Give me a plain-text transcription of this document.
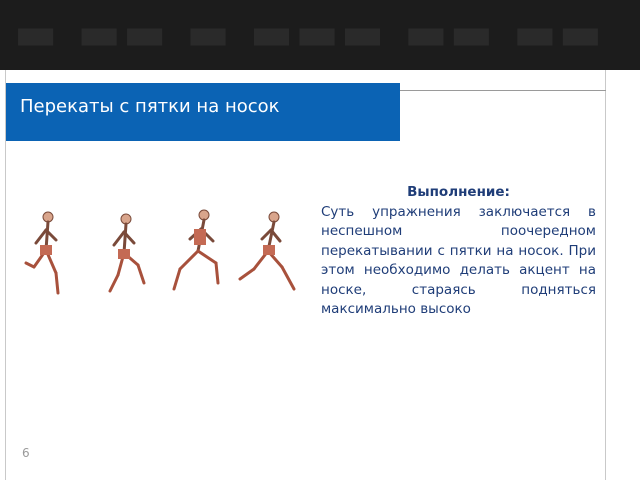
▬ ▬▬ ▬ ▬▬▬ ▬▬ ▬▬
Перекаты с пятки на носок
Выполнение:
Суть упражнения заключается в неспешном поочередном перекатывании с пятки на носок. При этом необходимо делать акцент на носке, стараясь подняться максимально высоко
6
